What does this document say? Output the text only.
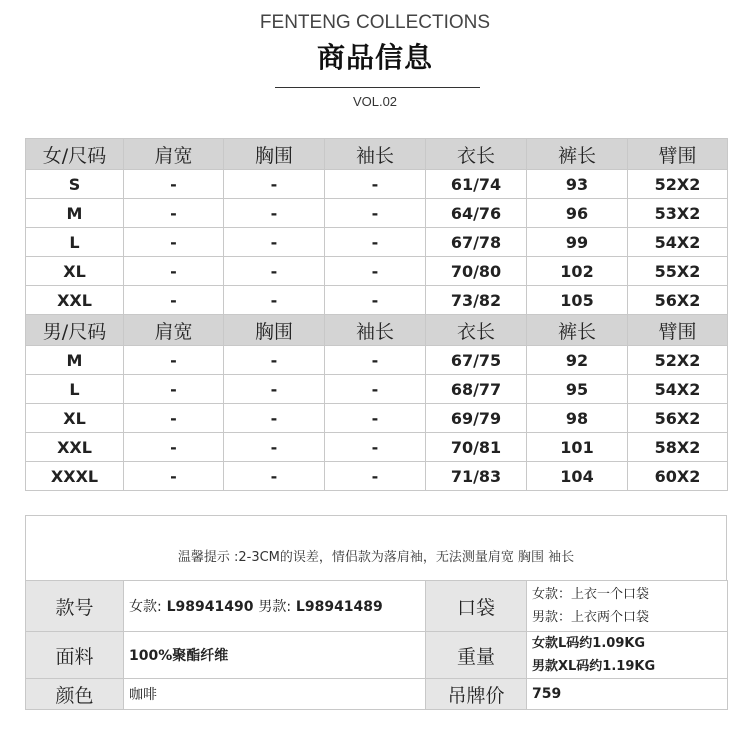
FENTENG COLLECTIONS
商品信息
VOL.02
女/尺码	肩宽	胸围	袖长	衣长	裤长	臂围
S	-	-	-	61/74	93	52X2
M	-	-	-	64/76	96	53X2
L	-	-	-	67/78	99	54X2
XL	-	-	-	70/80	102	55X2
XXL	-	-	-	73/82	105	56X2
男/尺码	肩宽	胸围	袖长	衣长	裤长	臂围
M	-	-	-	67/75	92	52X2
L	-	-	-	68/77	95	54X2
XL	-	-	-	69/79	98	56X2
XXL	-	-	-	70/81	101	58X2
XXXL	-	-	-	71/83	104	60X2
温馨提示 :2-3CM的误差，情侣款为落肩袖，无法测量肩宽 胸围 袖长
款号	女款: L98941490 男款: L98941489	口袋	女款：上衣一个口袋
男款：上衣两个口袋

面料	100%聚酯纤维	重量	女款L码约1.09KG
男款XL码约1.19KG

颜色	咖啡	吊牌价	759
